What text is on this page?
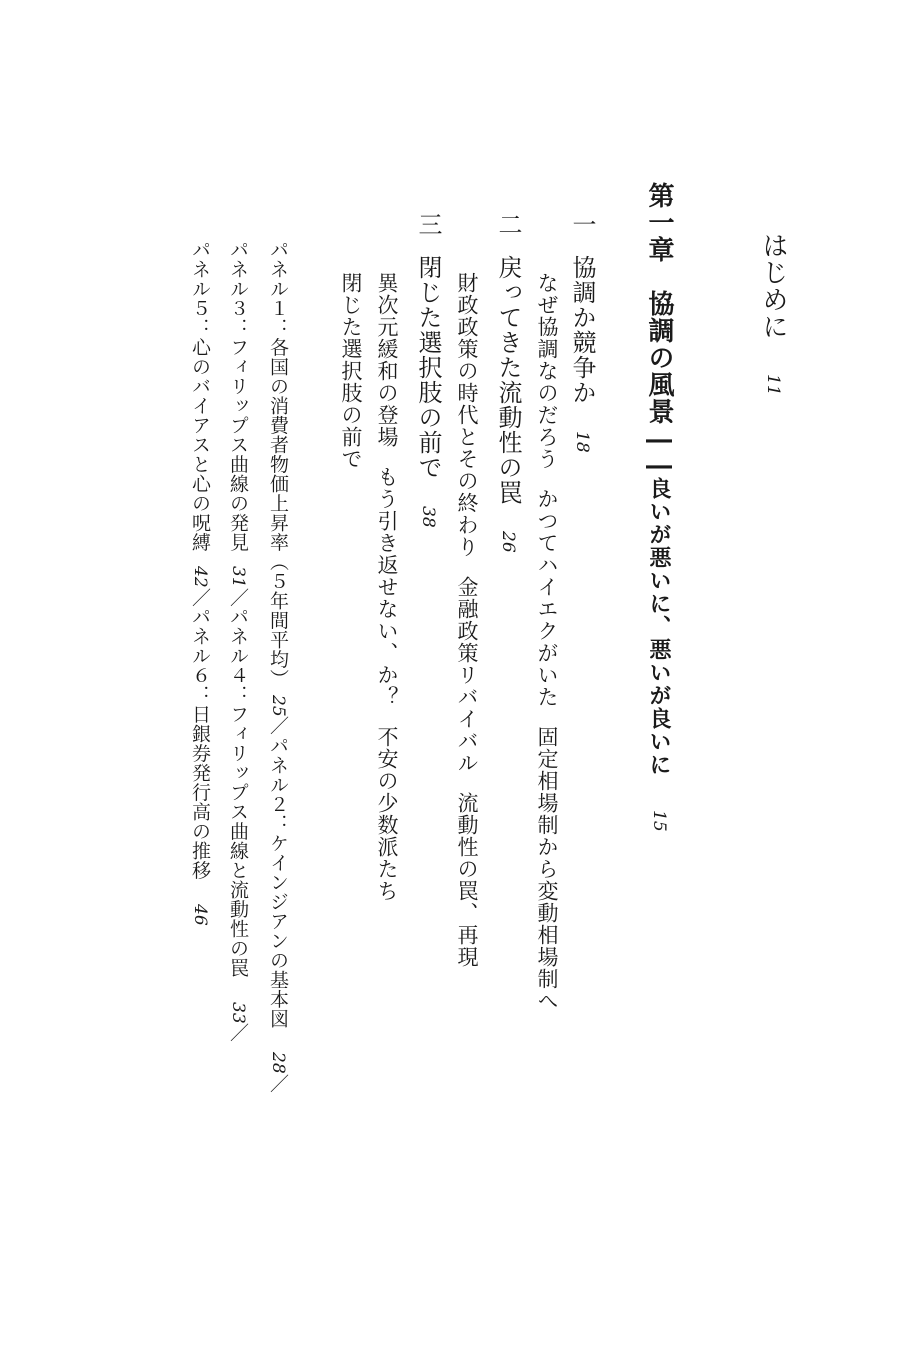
はじめに11
第一章　協調の風景――良いが悪いに、悪いが良いに15
一協調か競争か18
なぜ協調なのだろうかつてハイエクがいた固定相場制から変動相場制へ
二戻ってきた流動性の罠26
財政政策の時代とその終わり金融政策リバイバル流動性の罠、再現
三閉じた選択肢の前で38
異次元緩和の登場もう引き返せない、か？不安の少数派たち
閉じた選択肢の前で
パネル１：各国の消費者物価上昇率（５年間平均）25／パネル２：ケインジアンの基本図28／
パネル３：フィリップス曲線の発見31／パネル４：フィリップス曲線と流動性の罠33／
パネル５：心のバイアスと心の呪縛42／パネル６：日銀券発行高の推移46
